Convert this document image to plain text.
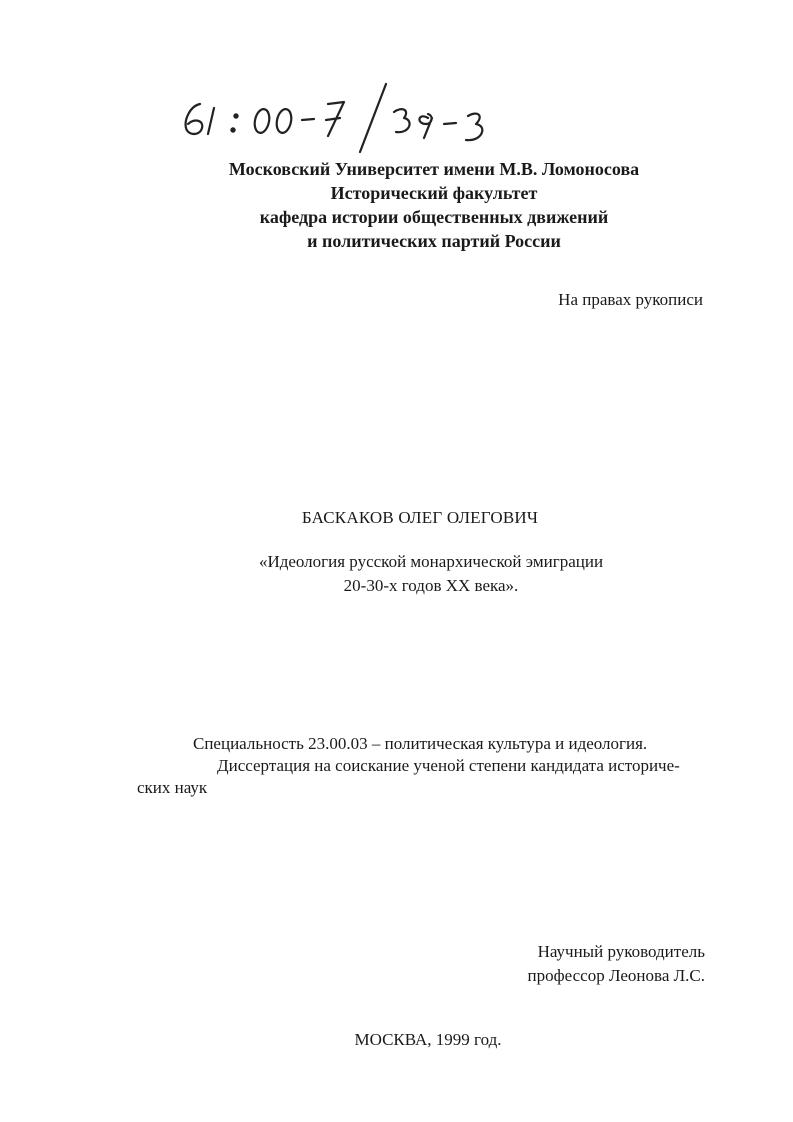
Московский Университет имени М.В. Ломоносова
Исторический факультет
кафедра истории общественных движений
и политических партий России
На правах рукописи
БАСКАКОВ ОЛЕГ ОЛЕГОВИЧ
«Идеология русской монархической эмиграции
20-30-х годов XX века».
Специальность 23.00.03 – политическая культура и идеология.
Диссертация на соискание ученой степени кандидата историче-
ских наук
Научный руководитель
профессор Леонова Л.С.
МОСКВА, 1999 год.
